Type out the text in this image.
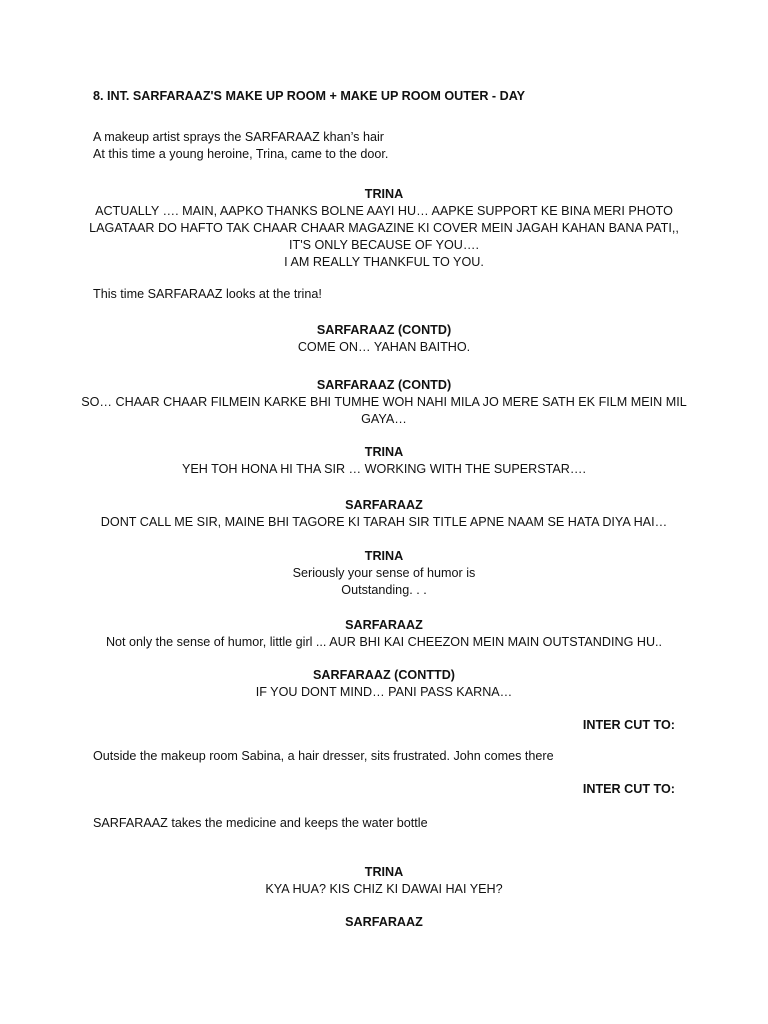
8. INT. SARFARAAZ'S MAKE UP ROOM + MAKE UP ROOM OUTER - DAY
A makeup artist sprays the SARFARAAZ khan’s hair
At this time a young heroine, Trina, came to the door.
TRINA
ACTUALLY …. MAIN, AAPKO THANKS BOLNE AAYI HU… AAPKE SUPPORT KE BINA MERI PHOTO
LAGATAAR DO HAFTO TAK CHAAR CHAAR MAGAZINE KI COVER MEIN JAGAH KAHAN BANA PATI,,
IT'S ONLY BECAUSE OF YOU….
I AM REALLY THANKFUL TO YOU.
This time SARFARAAZ looks at the trina!
SARFARAAZ (CONTD)
COME ON… YAHAN BAITHO.
SARFARAAZ (CONTD)
SO… CHAAR CHAAR FILMEIN KARKE BHI TUMHE WOH NAHI MILA JO MERE SATH EK FILM MEIN MIL
GAYA…
TRINA
YEH TOH HONA HI THA SIR … WORKING WITH THE SUPERSTAR….
SARFARAAZ
DONT CALL ME SIR, MAINE BHI TAGORE KI TARAH SIR TITLE APNE NAAM SE HATA DIYA HAI…
TRINA
Seriously your sense of humor is
Outstanding. . .
SARFARAAZ
Not only the sense of humor, little girl ... AUR BHI KAI CHEEZON MEIN MAIN OUTSTANDING HU..
SARFARAAZ (CONTTD)
IF YOU DONT MIND… PANI PASS KARNA…
INTER CUT TO:
Outside the makeup room Sabina, a hair dresser, sits frustrated. John comes there
INTER CUT TO:
SARFARAAZ takes the medicine and keeps the water bottle
TRINA
KYA HUA? KIS CHIZ KI DAWAI HAI YEH?
SARFARAAZ
